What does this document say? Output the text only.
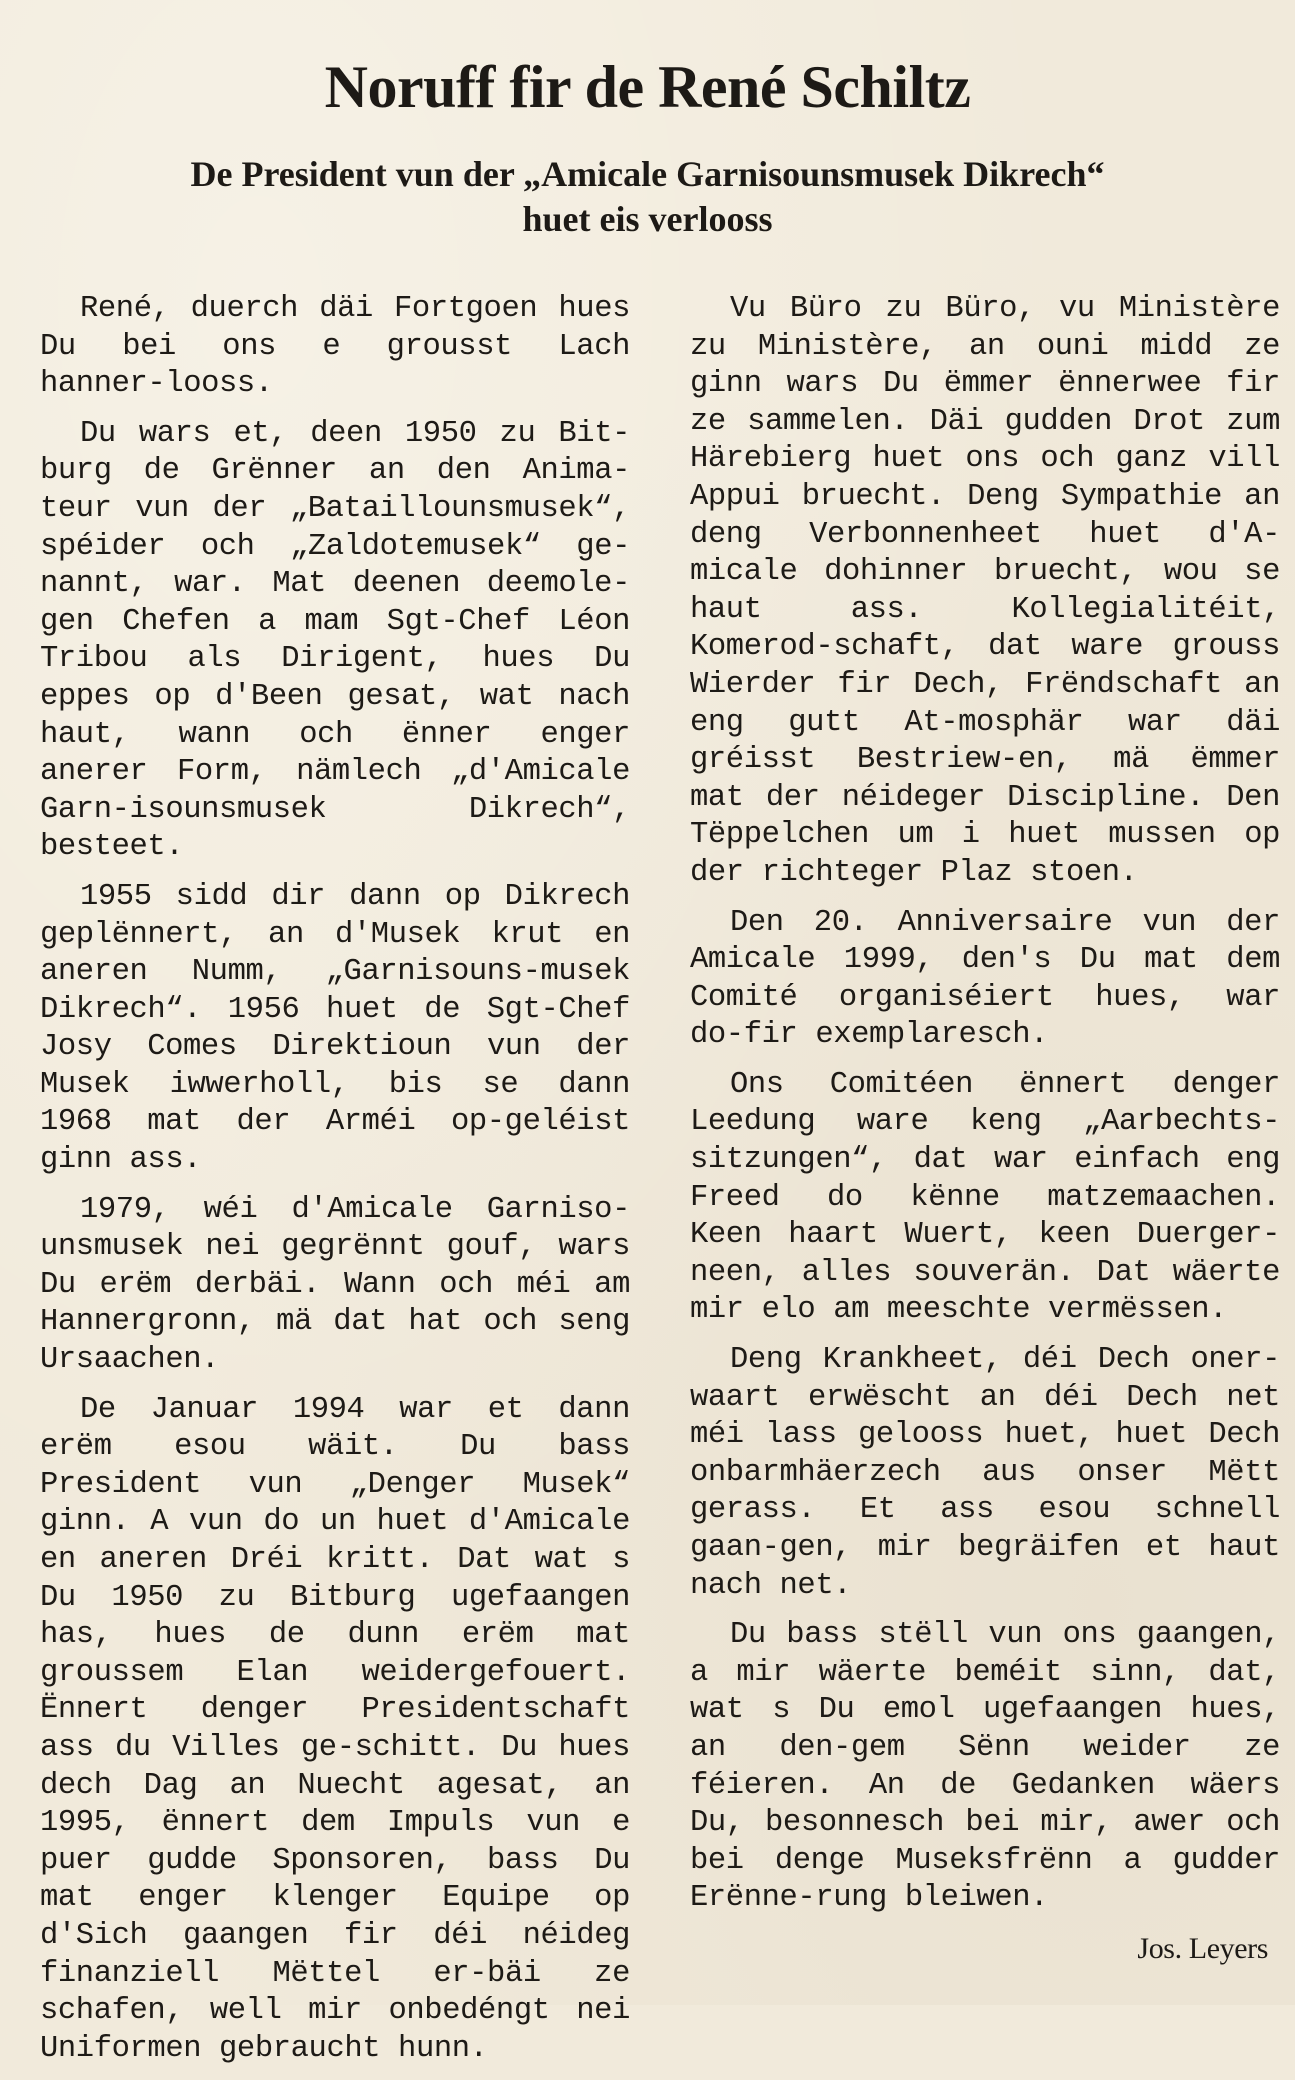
Noruff fir de René Schiltz
De President vun der „Amicale Garnisounsmusek Dikrech“
huet eis verlooss

René, duerch däi Fortgoen hues Du bei ons e grousst Lach hanner-looss.

Du wars et, deen 1950 zu Bit-burg de Grënner an den Anima-teur vun der „Bataillounsmusek“, spéider och „Zaldotemusek“ ge-nannt, war. Mat deenen deemole-gen Chefen a mam Sgt-Chef Léon Tribou als Dirigent, hues Du eppes op d'Been gesat, wat nach haut, wann och ënner enger anerer Form, nämlech „d'Amicale Garn-isounsmusek Dikrech“, besteet.

1955 sidd dir dann op Dikrech geplënnert, an d'Musek krut en aneren Numm, „Garnisouns-musek Dikrech“. 1956 huet de Sgt-Chef Josy Comes Direktioun vun der Musek iwwerholl, bis se dann 1968 mat der Arméi op-geléist ginn ass.

1979, wéi d'Amicale Garniso-unsmusek nei gegrënnt gouf, wars Du erëm derbäi. Wann och méi am Hannergronn, mä dat hat och seng Ursaachen.

De Januar 1994 war et dann erëm esou wäit. Du bass President vun „Denger Musek“ ginn. A vun do un huet d'Amicale en aneren Dréi kritt. Dat wat s Du 1950 zu Bitburg ugefaangen has, hues de dunn erëm mat groussem Elan weidergefouert. Ënnert denger Presidentschaft ass du Villes ge-schitt. Du hues dech Dag an Nuecht agesat, an 1995, ënnert dem Impuls vun e puer gudde Sponsoren, bass Du mat enger klenger Equipe op d'Sich gaangen fir déi néideg finanziell Mëttel er-bäi ze schafen, well mir onbedéngt nei Uniformen gebraucht hunn.

Vu Büro zu Büro, vu Ministère zu Ministère, an ouni midd ze ginn wars Du ëmmer ënnerwee fir ze sammelen. Däi gudden Drot zum Härebierg huet ons och ganz vill Appui bruecht. Deng Sympathie an deng Verbonnenheet huet d'A-micale dohinner bruecht, wou se haut ass. Kollegialitéit, Komerod-schaft, dat ware grouss Wierder fir Dech, Frëndschaft an eng gutt At-mosphär war däi gréisst Bestriew-en, mä ëmmer mat der néideger Discipline. Den Tëppelchen um i huet mussen op der richteger Plaz stoen.

Den 20. Anniversaire vun der Amicale 1999, den's Du mat dem Comité organiséiert hues, war do-fir exemplaresch.

Ons Comitéen ënnert denger Leedung ware keng „Aarbechts-sitzungen“, dat war einfach eng Freed do kënne matzemaachen. Keen haart Wuert, keen Duerger-neen, alles souverän. Dat wäerte mir elo am meeschte vermëssen.

Deng Krankheet, déi Dech oner-waart erwëscht an déi Dech net méi lass gelooss huet, huet Dech onbarmhäerzech aus onser Mëtt gerass. Et ass esou schnell gaan-gen, mir begräifen et haut nach net.

Du bass stëll vun ons gaangen, a mir wäerte beméit sinn, dat, wat s Du emol ugefaangen hues, an den-gem Sënn weider ze féieren. An de Gedanken wäers Du, besonnesch bei mir, awer och bei denge Museksfrënn a gudder Erënne-rung bleiwen.

Jos. Leyers
